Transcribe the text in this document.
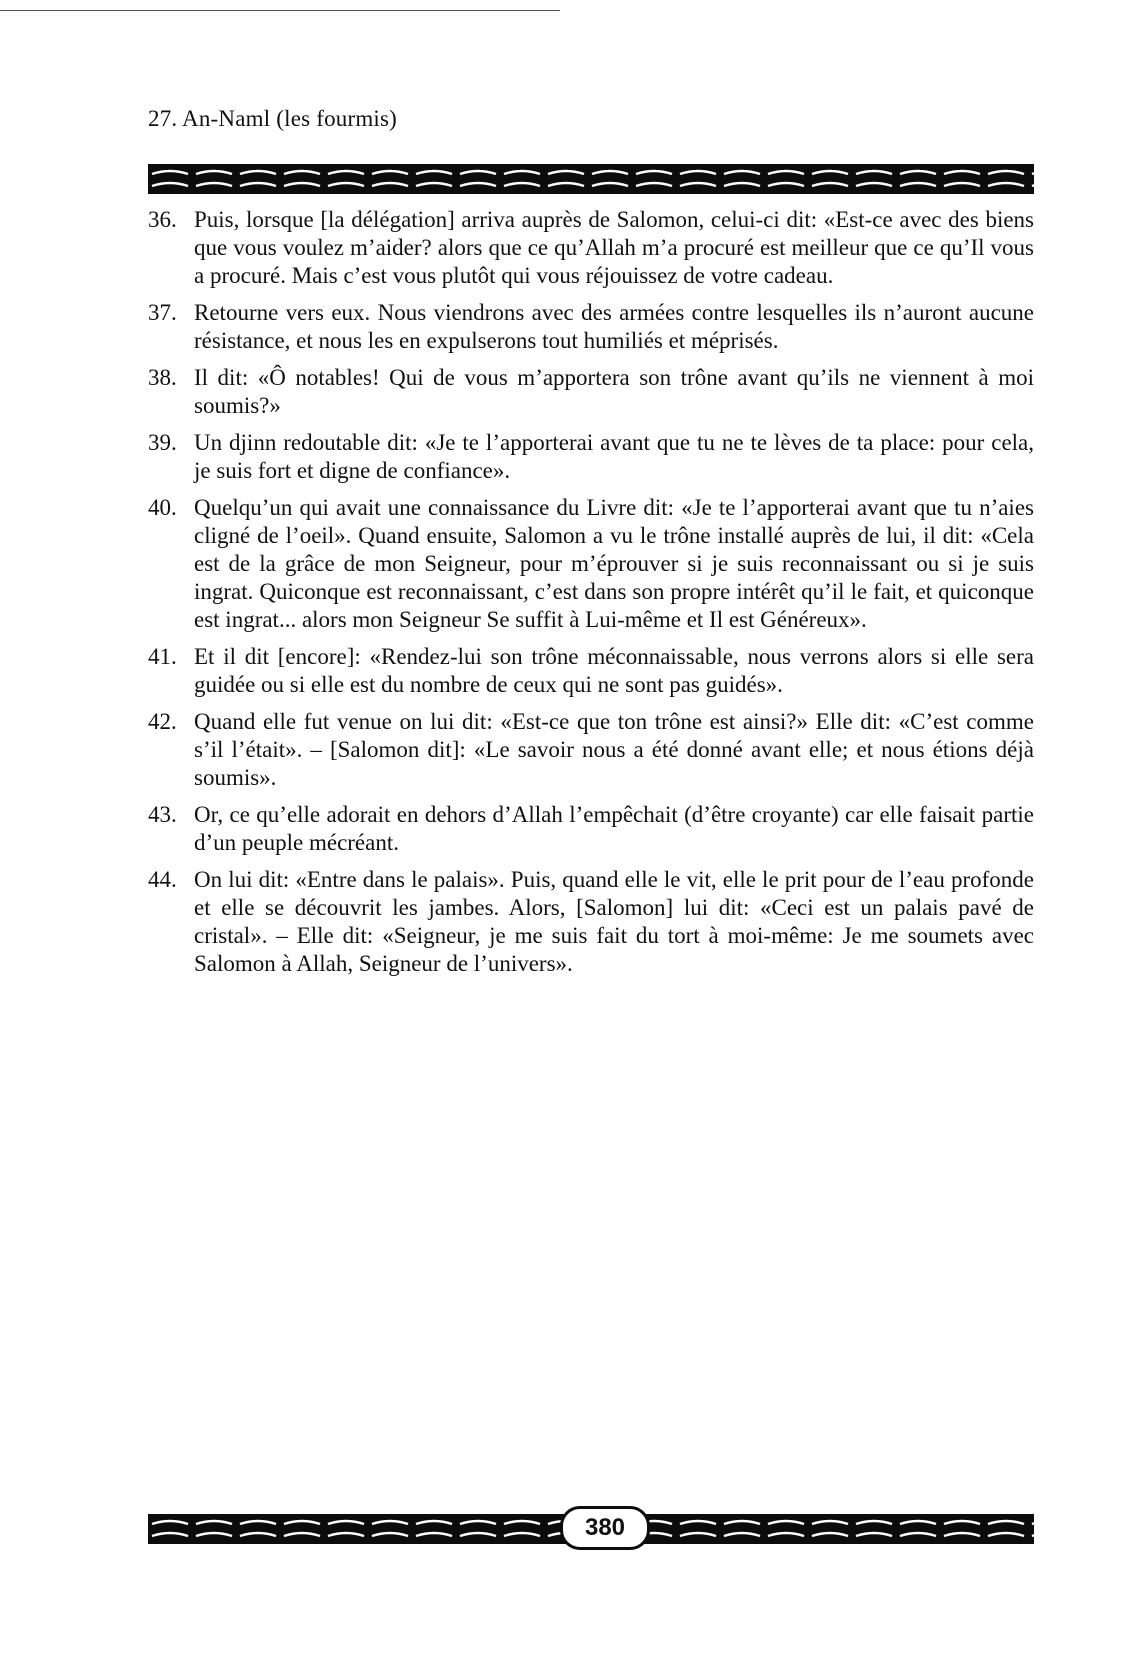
27. An-Naml (les fourmis)
36. Puis, lorsque [la délégation] arriva auprès de Salomon, celui-ci dit: «Est-ce avec des biens que vous voulez m’aider? alors que ce qu’Allah m’a procuré est meilleur que ce qu’Il vous a procuré. Mais c’est vous plutôt qui vous réjouissez de votre cadeau.
37. Retourne vers eux. Nous viendrons avec des armées contre lesquelles ils n’auront aucune résistance, et nous les en expulserons tout humiliés et méprisés.
38. Il dit: «Ô notables! Qui de vous m’apportera son trône avant qu’ils ne viennent à moi soumis?»
39. Un djinn redoutable dit: «Je te l’apporterai avant que tu ne te lèves de ta place: pour cela, je suis fort et digne de confiance».
40. Quelqu’un qui avait une connaissance du Livre dit: «Je te l’apporterai avant que tu n’aies cligné de l’oeil». Quand ensuite, Salomon a vu le trône installé auprès de lui, il dit: «Cela est de la grâce de mon Seigneur, pour m’éprouver si je suis reconnaissant ou si je suis ingrat. Quiconque est reconnaissant, c’est dans son propre intérêt qu’il le fait, et quiconque est ingrat... alors mon Seigneur Se suffit à Lui-même et Il est Généreux».
41. Et il dit [encore]: «Rendez-lui son trône méconnaissable, nous verrons alors si elle sera guidée ou si elle est du nombre de ceux qui ne sont pas guidés».
42. Quand elle fut venue on lui dit: «Est-ce que ton trône est ainsi?» Elle dit: «C’est comme s’il l’était». – [Salomon dit]: «Le savoir nous a été donné avant elle; et nous étions déjà soumis».
43. Or, ce qu’elle adorait en dehors d’Allah l’empêchait (d’être croyante) car elle faisait partie d’un peuple mécréant.
44. On lui dit: «Entre dans le palais». Puis, quand elle le vit, elle le prit pour de l’eau profonde et elle se découvrit les jambes. Alors, [Salomon] lui dit: «Ceci est un palais pavé de cristal». – Elle dit: «Seigneur, je me suis fait du tort à moi-même: Je me soumets avec Salomon à Allah, Seigneur de l’univers».
380
